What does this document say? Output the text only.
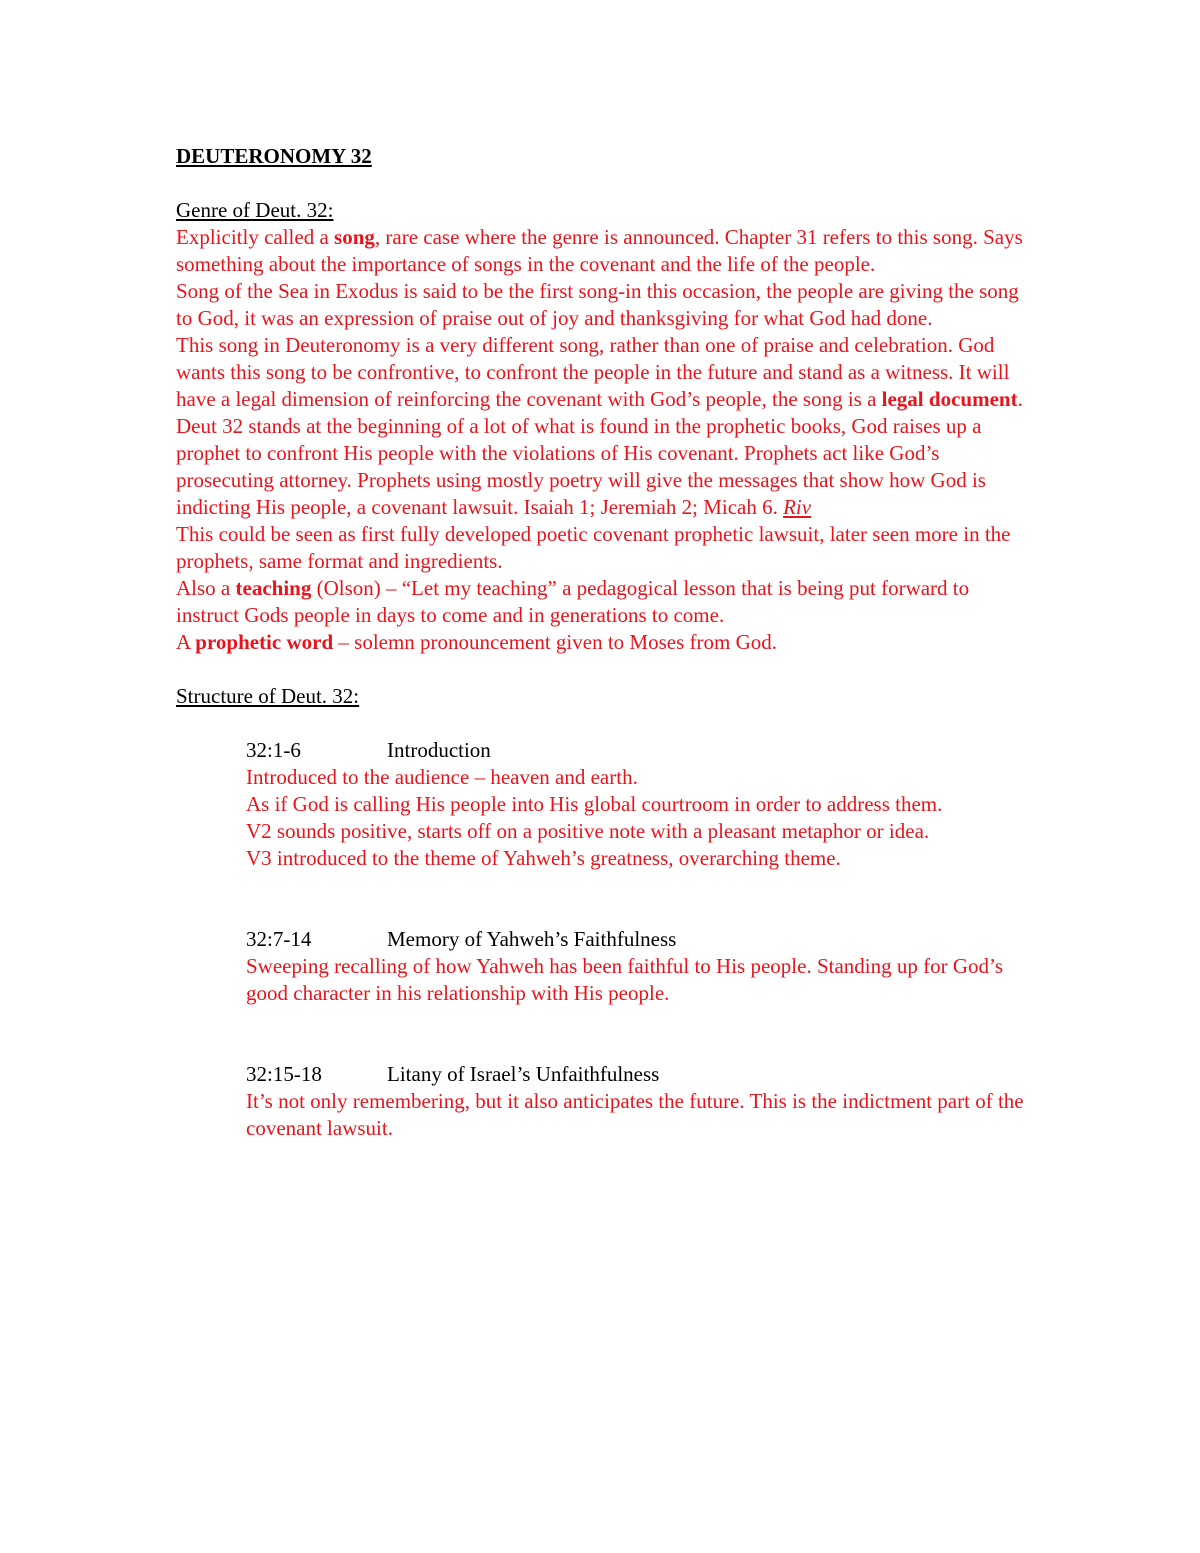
DEUTERONOMY 32

Genre of Deut. 32:

Explicitly called a song, rare case where the genre is announced. Chapter 31 refers to this song. Says something about the importance of songs in the covenant and the life of the people.

Song of the Sea in Exodus is said to be the first song-in this occasion, the people are giving the song to God, it was an expression of praise out of joy and thanksgiving for what God had done.

This song in Deuteronomy is a very different song, rather than one of praise and celebration. God wants this song to be confrontive, to confront the people in the future and stand as a witness. It will have a legal dimension of reinforcing the covenant with God’s people, the song is a legal document.

Deut 32 stands at the beginning of a lot of what is found in the prophetic books, God raises up a prophet to confront His people with the violations of His covenant. Prophets act like God’s prosecuting attorney. Prophets using mostly poetry will give the messages that show how God is indicting His people, a covenant lawsuit. Isaiah 1; Jeremiah 2; Micah 6. Riv

This could be seen as first fully developed poetic covenant prophetic lawsuit, later seen more in the prophets, same format and ingredients.

Also a teaching (Olson) – “Let my teaching” a pedagogical lesson that is being put forward to instruct Gods people in days to come and in generations to come.

A prophetic word – solemn pronouncement given to Moses from God.

Structure of Deut. 32:

32:1-6	Introduction

Introduced to the audience – heaven and earth.

As if God is calling His people into His global courtroom in order to address them.

V2 sounds positive, starts off on a positive note with a pleasant metaphor or idea.

V3 introduced to the theme of Yahweh’s greatness, overarching theme.

32:7-14	Memory of Yahweh’s Faithfulness

Sweeping recalling of how Yahweh has been faithful to His people. Standing up for God’s good character in his relationship with His people.

32:15-18	Litany of Israel’s Unfaithfulness

It’s not only remembering, but it also anticipates the future. This is the indictment part of the covenant lawsuit.
